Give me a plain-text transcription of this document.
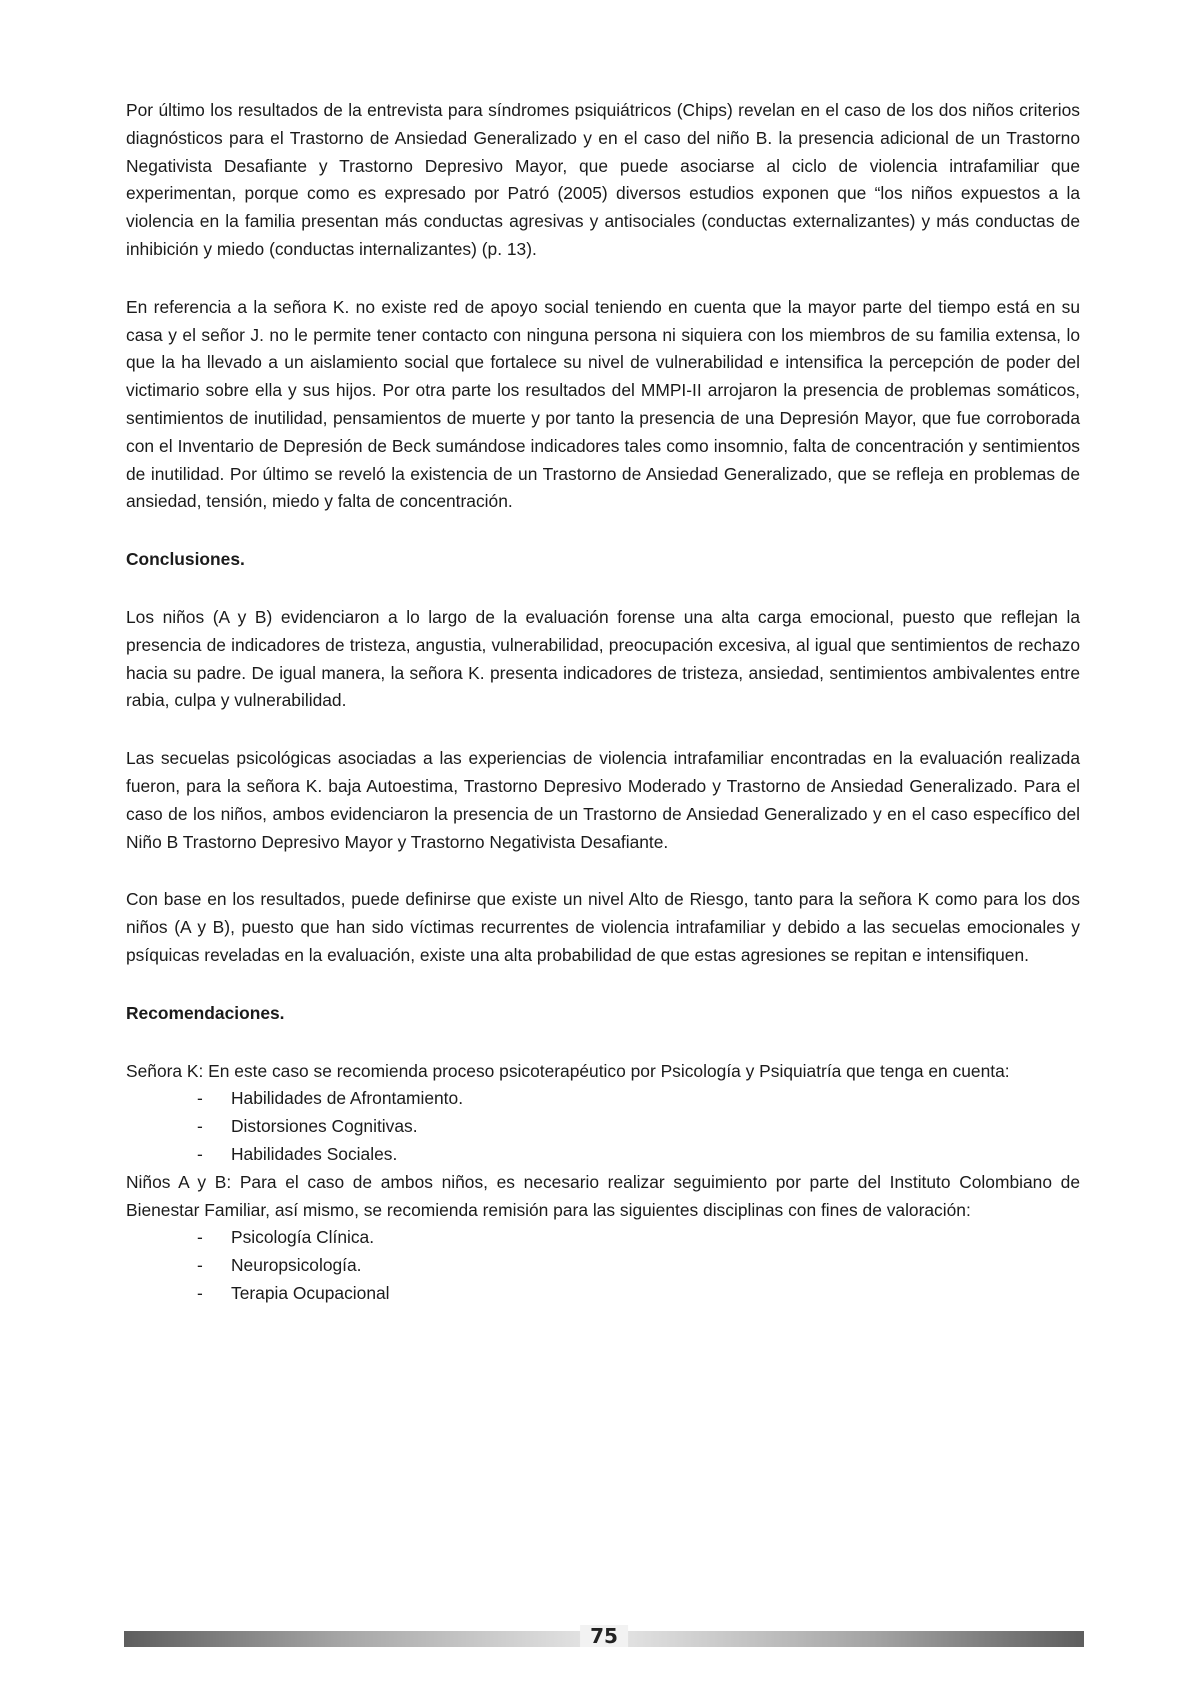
Por último los resultados de la entrevista para síndromes psiquiátricos (Chips) revelan en el caso de los dos niños criterios diagnósticos para el Trastorno de Ansiedad Generalizado y en el caso del niño B. la presencia adicional de un Trastorno Negativista Desafiante y Trastorno Depresivo Mayor, que puede asociarse al ciclo de violencia intrafamiliar que experimentan, porque como es expresado por Patró (2005) diversos estudios exponen que “los niños expuestos a la violencia en la familia presentan más conductas agresivas y antisociales (conductas externalizantes) y más conductas de inhibición y miedo (conductas internalizantes) (p. 13).

En referencia a la señora K. no existe red de apoyo social teniendo en cuenta que la mayor parte del tiempo está en su casa y el señor J. no le permite tener contacto con ninguna persona ni siquiera con los miembros de su familia extensa, lo que la ha llevado a un aislamiento social que fortalece su nivel de vulnerabilidad e intensifica la percepción de poder del victimario sobre ella y sus hijos. Por otra parte los resultados del MMPI-II arrojaron la presencia de problemas somáticos, sentimientos de inutilidad, pensamientos de muerte y por tanto la presencia de una Depresión Mayor, que fue corroborada con el Inventario de Depresión de Beck sumándose indicadores tales como insomnio, falta de concentración y sentimientos de inutilidad. Por último se reveló la existencia de un Trastorno de Ansiedad Generalizado, que se refleja en problemas de ansiedad, tensión, miedo y falta de concentración.

Conclusiones.

Los niños (A y B) evidenciaron a lo largo de la evaluación forense una alta carga emocional, puesto que reflejan la presencia de indicadores de tristeza, angustia, vulnerabilidad, preocupación excesiva, al igual que sentimientos de rechazo hacia su padre. De igual manera, la señora K. presenta indicadores de tristeza, ansiedad, sentimientos ambivalentes entre rabia, culpa y vulnerabilidad.

Las secuelas psicológicas asociadas a las experiencias de violencia intrafamiliar encontradas en la evaluación realizada fueron, para la señora K. baja Autoestima, Trastorno Depresivo Moderado y Trastorno de Ansiedad Generalizado. Para el caso de los niños, ambos evidenciaron la presencia de un Trastorno de Ansiedad Generalizado y en el caso específico del Niño B Trastorno Depresivo Mayor y Trastorno Negativista Desafiante.

Con base en los resultados, puede definirse que existe un nivel Alto de Riesgo, tanto para la señora K como para los dos niños (A y B), puesto que han sido víctimas recurrentes de violencia intrafamiliar y debido a las secuelas emocionales y psíquicas reveladas en la evaluación, existe una alta probabilidad de que estas agresiones se repitan e intensifiquen.

Recomendaciones.

Señora K: En este caso se recomienda proceso psicoterapéutico por Psicología y Psiquiatría que tenga en cuenta:

- Habilidades de Afrontamiento.
- Distorsiones Cognitivas.
- Habilidades Sociales.

Niños A y B: Para el caso de ambos niños, es necesario realizar seguimiento por parte del Instituto Colombiano de Bienestar Familiar, así mismo, se recomienda remisión para las siguientes disciplinas con fines de valoración:

- Psicología Clínica.
- Neuropsicología.
- Terapia Ocupacional
75
